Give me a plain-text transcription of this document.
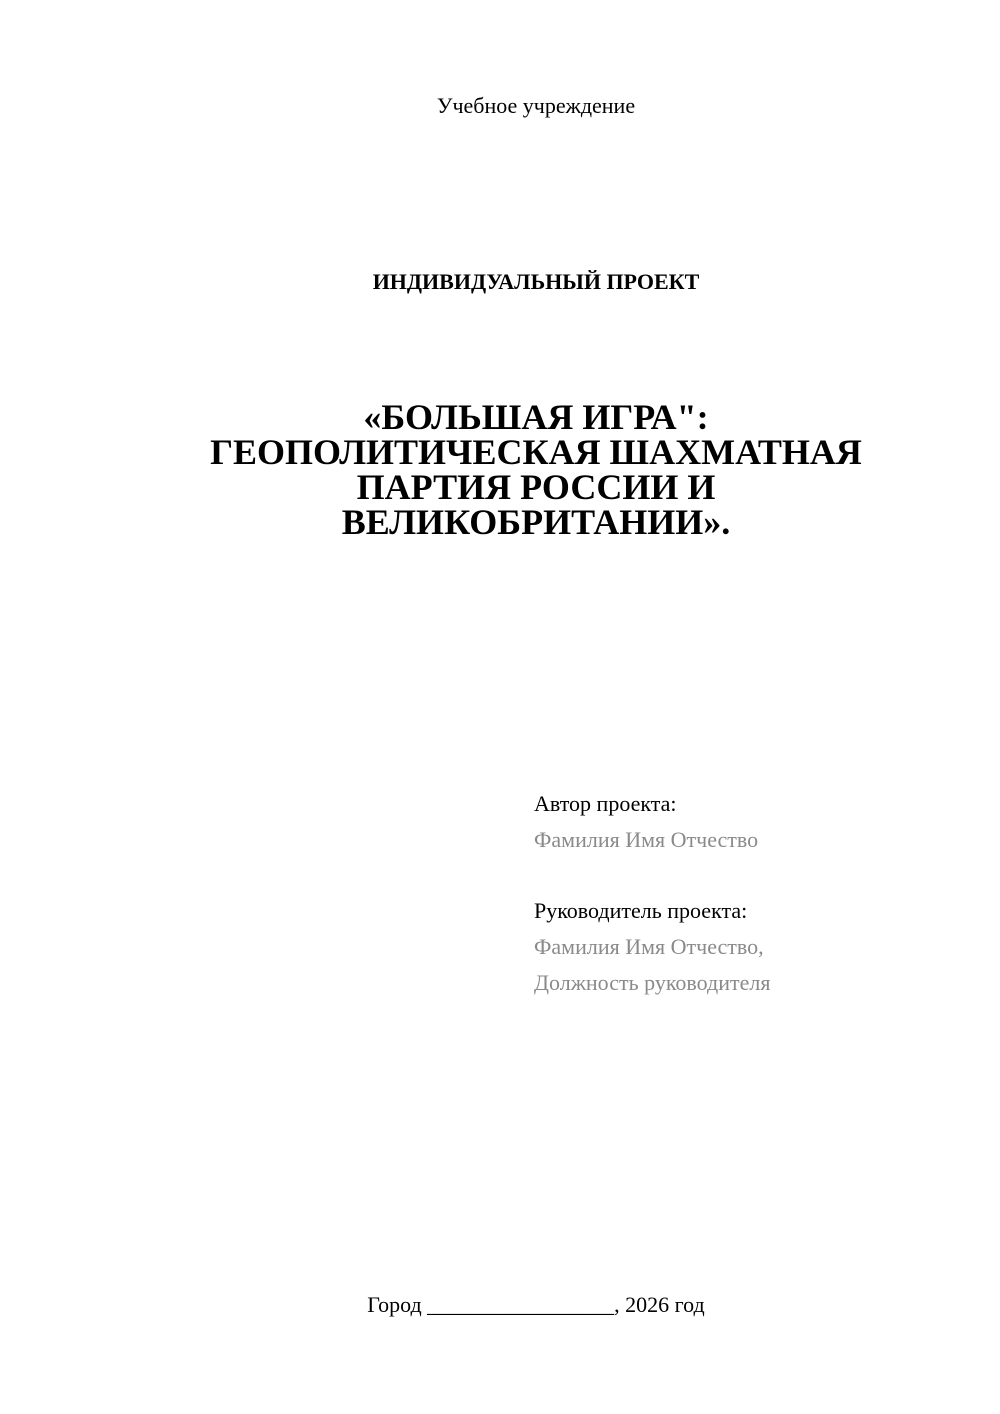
Учебное учреждение
ИНДИВИДУАЛЬНЫЙ ПРОЕКТ
«БОЛЬШАЯ ИГРА":
ГЕОПОЛИТИЧЕСКАЯ ШАХМАТНАЯ
ПАРТИЯ РОССИИ И
ВЕЛИКОБРИТАНИИ».
Автор проекта:
Фамилия Имя Отчество
Руководитель проекта:
Фамилия Имя Отчество,
Должность руководителя
Город _________________, 2026 год
